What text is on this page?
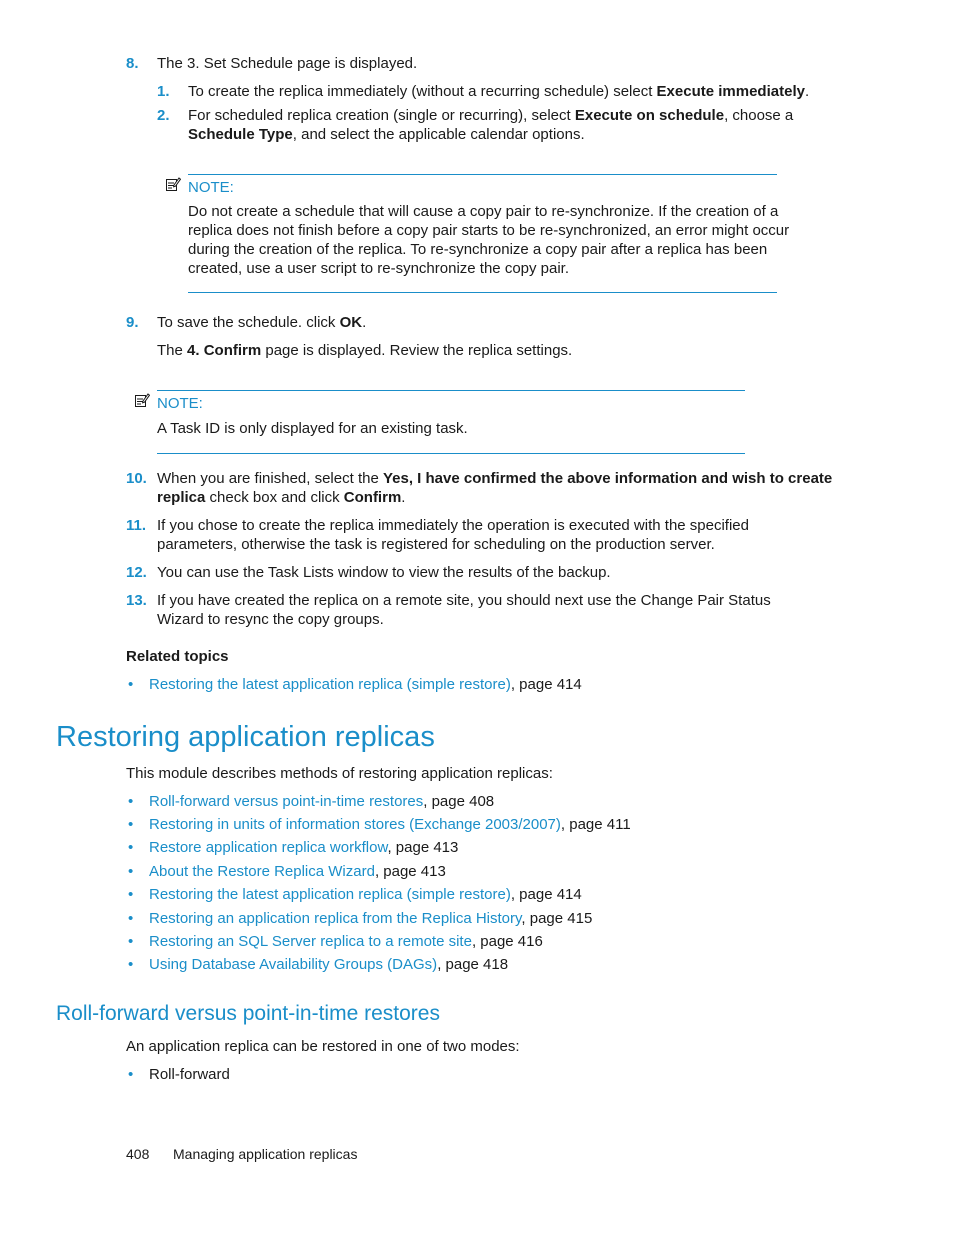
8. The 3. Set Schedule page is displayed.
1. To create the replica immediately (without a recurring schedule) select Execute immediately.
2. For scheduled replica creation (single or recurring), select Execute on schedule, choose a
Schedule Type, and select the applicable calendar options.
NOTE:
Do not create a schedule that will cause a copy pair to re-synchronize. If the creation of a
replica does not finish before a copy pair starts to be re-synchronized, an error might occur
during the creation of the replica. To re-synchronize a copy pair after a replica has been
created, use a user script to re-synchronize the copy pair.
9. To save the schedule. click OK.
The 4. Confirm page is displayed. Review the replica settings.
NOTE:
A Task ID is only displayed for an existing task.
10. When you are finished, select the Yes, I have confirmed the above information and wish to create
replica check box and click Confirm.
11. If you chose to create the replica immediately the operation is executed with the specified
parameters, otherwise the task is registered for scheduling on the production server.
12. You can use the Task Lists window to view the results of the backup.
13. If you have created the replica on a remote site, you should next use the Change Pair Status
Wizard to resync the copy groups.
Related topics
• Restoring the latest application replica (simple restore), page 414
Restoring application replicas
This module describes methods of restoring application replicas:
• Roll-forward versus point-in-time restores, page 408
• Restoring in units of information stores (Exchange 2003/2007), page 411
• Restore application replica workflow, page 413
• About the Restore Replica Wizard, page 413
• Restoring the latest application replica (simple restore), page 414
• Restoring an application replica from the Replica History, page 415
• Restoring an SQL Server replica to a remote site, page 416
• Using Database Availability Groups (DAGs), page 418
Roll-forward versus point-in-time restores
An application replica can be restored in one of two modes:
• Roll-forward
408 Managing application replicas
